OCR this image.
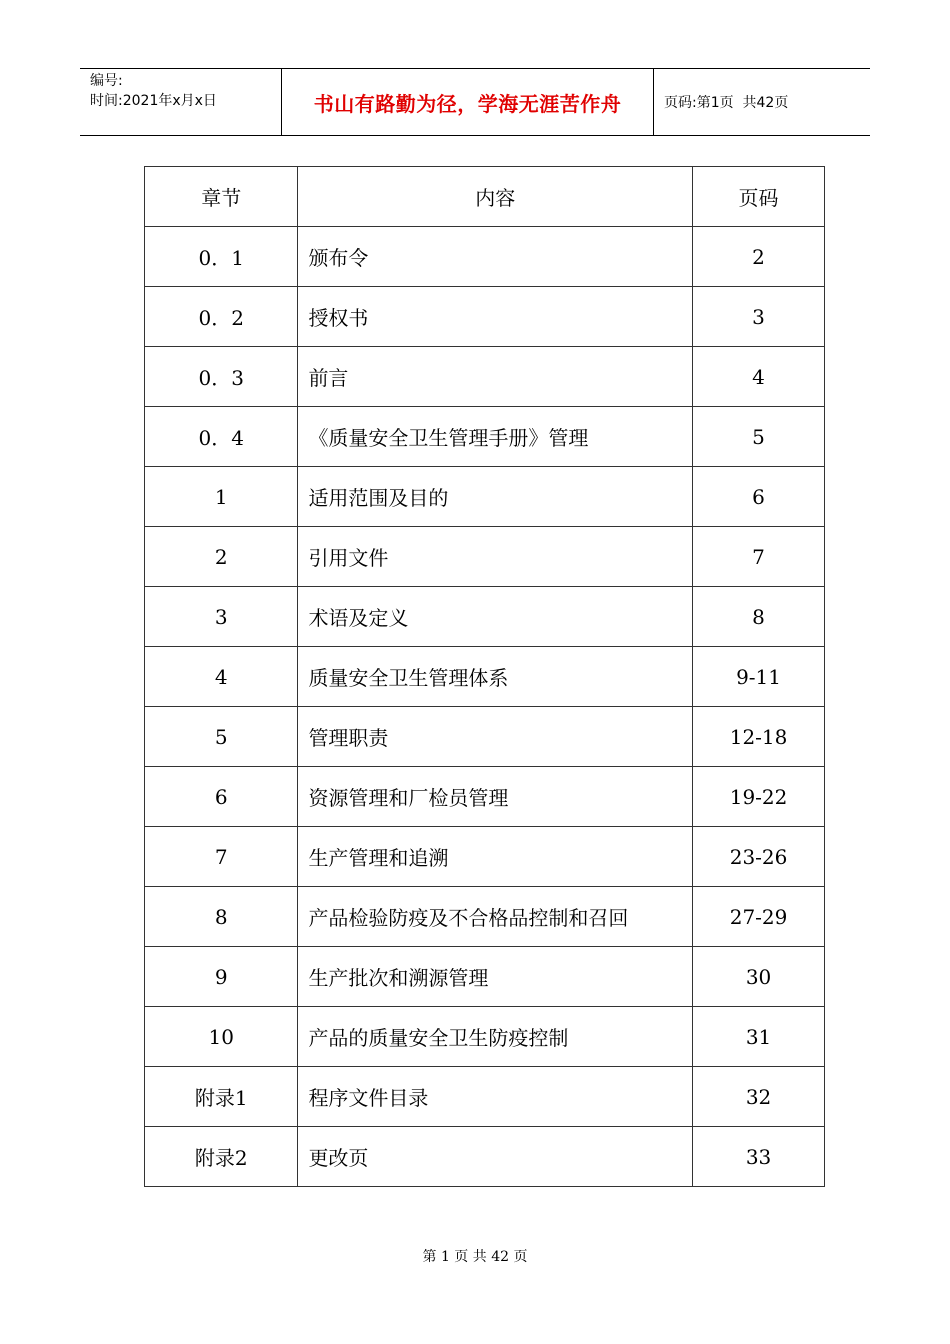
编号:
时间:2021年x月x日	书山有路勤为径，学海无涯苦作舟	页码:第1页  共42页
章节	内容	页码
0．1	颁布令	2
0．2	授权书	3
0．3	前言	4
0．4	《质量安全卫生管理手册》管理	5
1	适用范围及目的	6
2	引用文件	7
3	术语及定义	8
4	质量安全卫生管理体系	9-11
5	管理职责	12-18
6	资源管理和厂检员管理	19-22
7	生产管理和追溯	23-26
8	产品检验防疫及不合格品控制和召回	27-29
9	生产批次和溯源管理	30
10	产品的质量安全卫生防疫控制	31
附录1	程序文件目录	32
附录2	更改页	33
第 1 页 共 42 页
